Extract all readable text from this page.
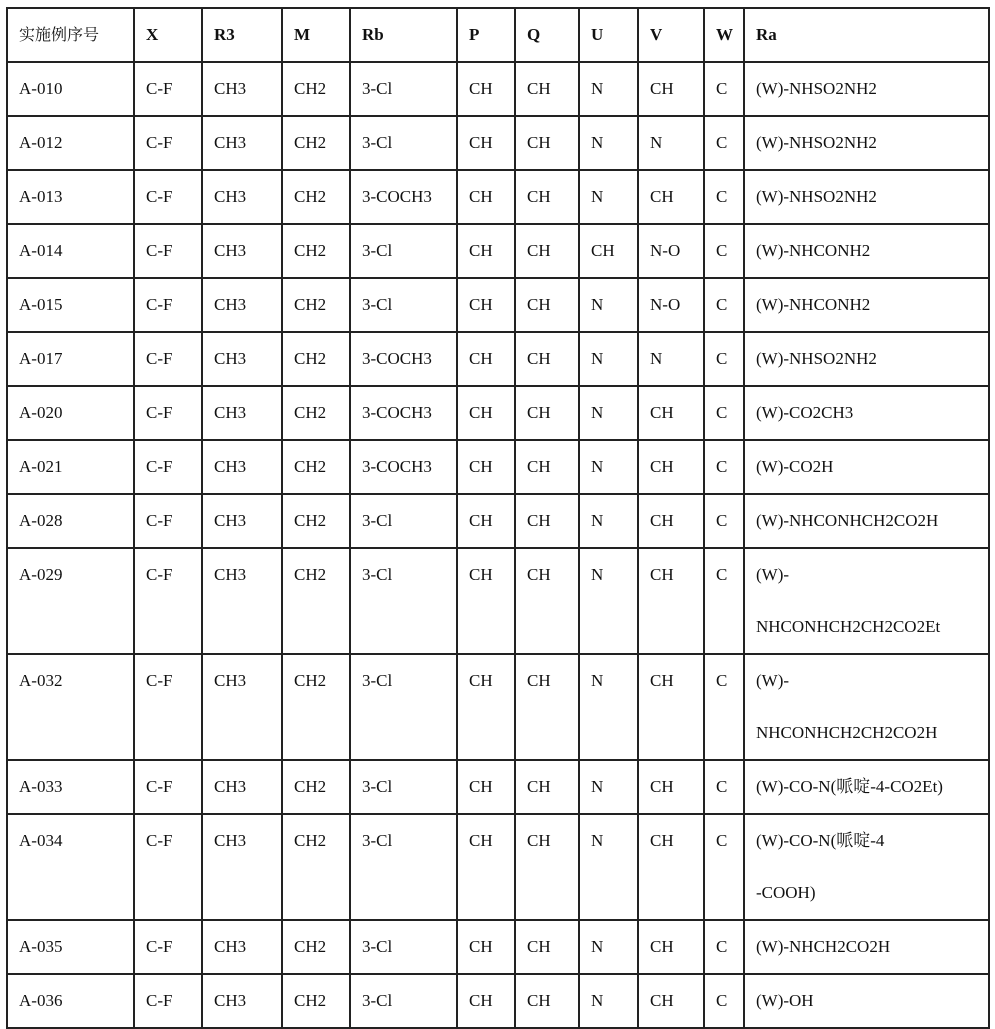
实施例序号	X	R3	M	Rb	P	Q	U	V	W	Ra
A-010	C-F	CH3	CH2	3-Cl	CH	CH	N	CH	C	(W)-NHSO2NH2

A-012	C-F	CH3	CH2	3-Cl	CH	CH	N	N	C	(W)-NHSO2NH2

A-013	C-F	CH3	CH2	3-COCH3	CH	CH	N	CH	C	(W)-NHSO2NH2

A-014	C-F	CH3	CH2	3-Cl	CH	CH	CH	N-O	C	(W)-NHCONH2

A-015	C-F	CH3	CH2	3-Cl	CH	CH	N	N-O	C	(W)-NHCONH2

A-017	C-F	CH3	CH2	3-COCH3	CH	CH	N	N	C	(W)-NHSO2NH2

A-020	C-F	CH3	CH2	3-COCH3	CH	CH	N	CH	C	(W)-CO2CH3

A-021	C-F	CH3	CH2	3-COCH3	CH	CH	N	CH	C	(W)-CO2H

A-028	C-F	CH3	CH2	3-Cl	CH	CH	N	CH	C	(W)-NHCONHCH2CO2H

A-029	C-F	CH3	CH2	3-Cl	CH	CH	N	CH	C	(W)-
NHCONHCH2CH2CO2Et

A-032	C-F	CH3	CH2	3-Cl	CH	CH	N	CH	C	(W)-
NHCONHCH2CH2CO2H

A-033	C-F	CH3	CH2	3-Cl	CH	CH	N	CH	C	(W)-CO-N(哌啶-4-CO2Et)

A-034	C-F	CH3	CH2	3-Cl	CH	CH	N	CH	C	(W)-CO-N(哌啶-4
-COOH)

A-035	C-F	CH3	CH2	3-Cl	CH	CH	N	CH	C	(W)-NHCH2CO2H

A-036	C-F	CH3	CH2	3-Cl	CH	CH	N	CH	C	(W)-OH
